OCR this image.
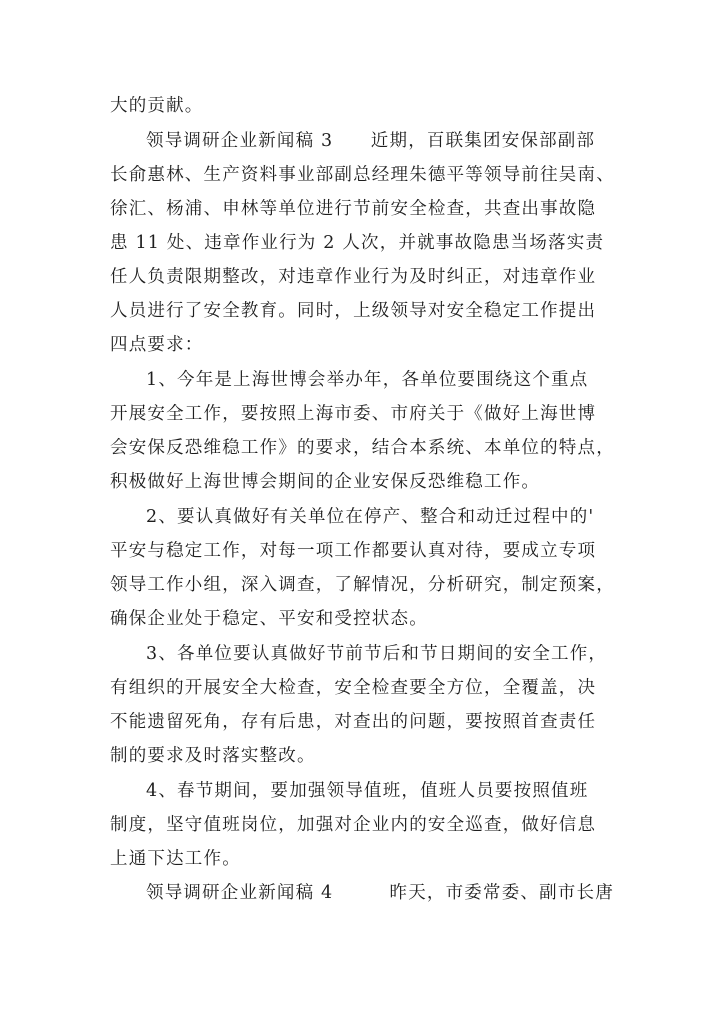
大的贡献。
领导调研企业新闻稿 3　　近期，百联集团安保部副部
长俞惠林、生产资料事业部副总经理朱德平等领导前往吴南、
徐汇、杨浦、申林等单位进行节前安全检查，共查出事故隐
患 11 处、违章作业行为 2 人次，并就事故隐患当场落实责
任人负责限期整改，对违章作业行为及时纠正，对违章作业
人员进行了安全教育。同时，上级领导对安全稳定工作提出
四点要求：
1、今年是上海世博会举办年，各单位要围绕这个重点
开展安全工作，要按照上海市委、市府关于《做好上海世博
会安保反恐维稳工作》的要求，结合本系统、本单位的特点，
积极做好上海世博会期间的企业安保反恐维稳工作。
2、要认真做好有关单位在停产、整合和动迁过程中的'
平安与稳定工作，对每一项工作都要认真对待，要成立专项
领导工作小组，深入调查，了解情况，分析研究，制定预案，
确保企业处于稳定、平安和受控状态。
3、各单位要认真做好节前节后和节日期间的安全工作，
有组织的开展安全大检查，安全检查要全方位，全覆盖，决
不能遗留死角，存有后患，对查出的问题，要按照首查责任
制的要求及时落实整改。
4、春节期间，要加强领导值班，值班人员要按照值班
制度，坚守值班岗位，加强对企业内的安全巡查，做好信息
上通下达工作。
领导调研企业新闻稿 4　　　昨天，市委常委、副市长唐
